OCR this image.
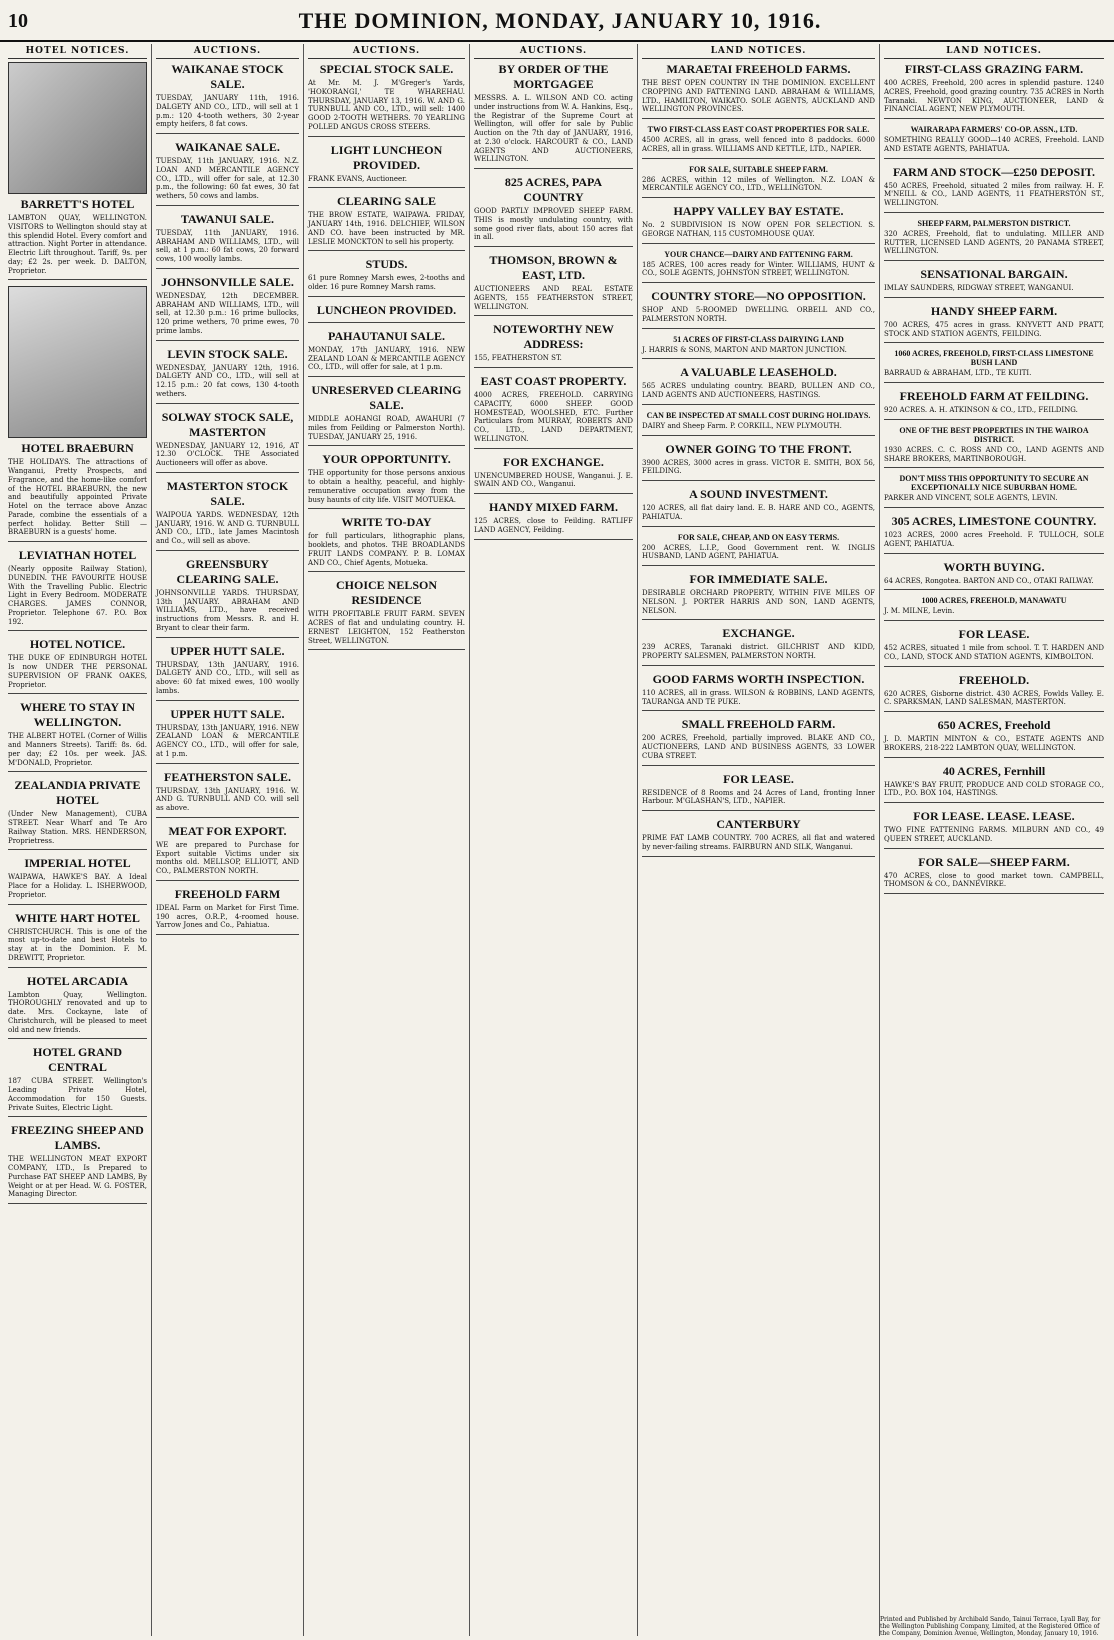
10	THE DOMINION, MONDAY, JANUARY 10, 1916.
HOTEL NOTICES.
BARRETT'S HOTEL

LAMBTON QUAY, WELLINGTON. VISITORS to Wellington should stay at this splendid Hotel. Every comfort and attraction. Night Porter in attendance. Electric Lift throughout. Tariff, 9s. per day; £2 2s. per week. D. DALTON, Proprietor.

HOTEL BRAEBURN

THE HOLIDAYS. The attractions of Wanganui, Pretty Prospects, and Fragrance, and the home-like comfort of the HOTEL BRAEBURN, the new and beautifully appointed Private Hotel on the terrace above Anzac Parade, combine the essentials of a perfect holiday. Better Still — BRAEBURN is a guests' home.

LEVIATHAN HOTEL

(Nearly opposite Railway Station), DUNEDIN. THE FAVOURITE HOUSE With the Travelling Public. Electric Light in Every Bedroom. MODERATE CHARGES. JAMES CONNOR, Proprietor. Telephone 67. P.O. Box 192.

HOTEL NOTICE.

THE DUKE OF EDINBURGH HOTEL Is now UNDER THE PERSONAL SUPERVISION OF FRANK OAKES, Proprietor.

WHERE TO STAY IN WELLINGTON.

THE ALBERT HOTEL (Corner of Willis and Manners Streets). Tariff: 8s. 6d. per day; £2 10s. per week. JAS. M'DONALD, Proprietor.

ZEALANDIA PRIVATE HOTEL

(Under New Management), CUBA STREET. Near Wharf and Te Aro Railway Station. MRS. HENDERSON, Proprietress.

IMPERIAL HOTEL

WAIPAWA, HAWKE'S BAY. A Ideal Place for a Holiday. L. ISHERWOOD, Proprietor.

WHITE HART HOTEL

CHRISTCHURCH. This is one of the most up-to-date and best Hotels to stay at in the Dominion. F. M. DREWITT, Proprietor.

HOTEL ARCADIA

Lambton Quay, Wellington. THOROUGHLY renovated and up to date. Mrs. Cockayne, late of Christchurch, will be pleased to meet old and new friends.

HOTEL GRAND CENTRAL

187 CUBA STREET. Wellington's Leading Private Hotel, Accommodation for 150 Guests. Private Suites, Electric Light.

FREEZING SHEEP AND LAMBS.

THE WELLINGTON MEAT EXPORT COMPANY, LTD., Is Prepared to Purchase FAT SHEEP AND LAMBS, By Weight or at per Head. W. G. FOSTER, Managing Director.

AUCTIONS.
WAIKANAE STOCK SALE.

TUESDAY, JANUARY 11th, 1916. DALGETY AND CO., LTD., will sell at 1 p.m.: 120 4-tooth wethers, 30 2-year empty heifers, 8 fat cows.

WAIKANAE SALE.

TUESDAY, 11th JANUARY, 1916. N.Z. LOAN AND MERCANTILE AGENCY CO., LTD., will offer for sale, at 12.30 p.m., the following: 60 fat ewes, 30 fat wethers, 50 cows and lambs.

TAWANUI SALE.

TUESDAY, 11th JANUARY, 1916. ABRAHAM AND WILLIAMS, LTD., will sell, at 1 p.m.: 60 fat cows, 20 forward cows, 100 woolly lambs.

JOHNSONVILLE SALE.

WEDNESDAY, 12th DECEMBER. ABRAHAM AND WILLIAMS, LTD., will sell, at 12.30 p.m.: 16 prime bullocks, 120 prime wethers, 70 prime ewes, 70 prime lambs.

LEVIN STOCK SALE.

WEDNESDAY, JANUARY 12th, 1916. DALGETY AND CO., LTD., will sell at 12.15 p.m.: 20 fat cows, 130 4-tooth wethers.

SOLWAY STOCK SALE, MASTERTON

WEDNESDAY, JANUARY 12, 1916, AT 12.30 O'CLOCK. THE Associated Auctioneers will offer as above.

MASTERTON STOCK SALE.

WAIPOUA YARDS. WEDNESDAY, 12th JANUARY, 1916. W. AND G. TURNBULL AND CO., LTD., late James Macintosh and Co., will sell as above.

GREENSBURY CLEARING SALE.

JOHNSONVILLE YARDS. THURSDAY, 13th JANUARY. ABRAHAM AND WILLIAMS, LTD., have received instructions from Messrs. R. and H. Bryant to clear their farm.

UPPER HUTT SALE.

THURSDAY, 13th JANUARY, 1916. DALGETY AND CO., LTD., will sell as above: 60 fat mixed ewes, 100 woolly lambs.

UPPER HUTT SALE.

THURSDAY, 13th JANUARY, 1916. NEW ZEALAND LOAN & MERCANTILE AGENCY CO., LTD., will offer for sale, at 1 p.m.

FEATHERSTON SALE.

THURSDAY, 13th JANUARY, 1916. W. AND G. TURNBULL AND CO. will sell as above.

MEAT FOR EXPORT.

WE are prepared to Purchase for Export suitable Victims under six months old. MELLSOP, ELLIOTT, AND CO., PALMERSTON NORTH.

FREEHOLD FARM

IDEAL Farm on Market for First Time. 190 acres, O.R.P., 4-roomed house. Yarrow Jones and Co., Pahiatua.

AUCTIONS.
SPECIAL STOCK SALE.

At Mr. M. J. M'Greger's Yards, 'HOKORANGI,' TE WHAREHAU. THURSDAY, JANUARY 13, 1916. W. AND G. TURNBULL AND CO., LTD., will sell: 1400 GOOD 2-TOOTH WETHERS. 70 YEARLING POLLED ANGUS CROSS STEERS.

LIGHT LUNCHEON PROVIDED.

FRANK EVANS, Auctioneer.

CLEARING SALE

THE BROW ESTATE, WAIPAWA. FRIDAY, JANUARY 14th, 1916. DELCHIEF, WILSON AND CO. have been instructed by MR. LESLIE MONCKTON to sell his property.

STUDS.

61 pure Romney Marsh ewes, 2-tooths and older. 16 pure Romney Marsh rams.

LUNCHEON PROVIDED.

PAHAUTANUI SALE.

MONDAY, 17th JANUARY, 1916. NEW ZEALAND LOAN & MERCANTILE AGENCY CO., LTD., will offer for sale, at 1 p.m.

UNRESERVED CLEARING SALE.

MIDDLE AOHANGI ROAD, AWAHURI (7 miles from Feilding or Palmerston North). TUESDAY, JANUARY 25, 1916.

YOUR OPPORTUNITY.

THE opportunity for those persons anxious to obtain a healthy, peaceful, and highly-remunerative occupation away from the busy haunts of city life. VISIT MOTUEKA.

WRITE TO-DAY

for full particulars, lithographic plans, booklets, and photos. THE BROADLANDS FRUIT LANDS COMPANY. P. B. LOMAX AND CO., Chief Agents, Motueka.

CHOICE NELSON RESIDENCE

WITH PROFITABLE FRUIT FARM. SEVEN ACRES of flat and undulating country. H. ERNEST LEIGHTON, 152 Featherston Street, WELLINGTON.

AUCTIONS.
BY ORDER OF THE MORTGAGEE

MESSRS. A. L. WILSON AND CO. acting under instructions from W. A. Hankins, Esq., the Registrar of the Supreme Court at Wellington, will offer for sale by Public Auction on the 7th day of JANUARY, 1916, at 2.30 o'clock. HARCOURT & CO., LAND AGENTS AND AUCTIONEERS, WELLINGTON.

825 ACRES, PAPA COUNTRY

GOOD PARTLY IMPROVED SHEEP FARM. THIS is mostly undulating country, with some good river flats, about 150 acres flat in all.

THOMSON, BROWN & EAST, LTD.

AUCTIONEERS AND REAL ESTATE AGENTS, 155 FEATHERSTON STREET, WELLINGTON.

NOTEWORTHY NEW ADDRESS:

155, FEATHERSTON ST.

EAST COAST PROPERTY.

4000 ACRES, FREEHOLD. CARRYING CAPACITY, 6000 SHEEP. GOOD HOMESTEAD, WOOLSHED, ETC. Further Particulars from MURRAY, ROBERTS AND CO., LTD., LAND DEPARTMENT, WELLINGTON.

FOR EXCHANGE.

UNENCUMBERED HOUSE, Wanganui. J. E. SWAIN AND CO., Wanganui.

HANDY MIXED FARM.

125 ACRES, close to Feilding. RATLIFF LAND AGENCY, Feilding.

LAND NOTICES.
MARAETAI FREEHOLD FARMS.

THE BEST OPEN COUNTRY IN THE DOMINION. EXCELLENT CROPPING AND FATTENING LAND. ABRAHAM & WILLIAMS, LTD., HAMILTON, WAIKATO. SOLE AGENTS, AUCKLAND AND WELLINGTON PROVINCES.

TWO FIRST-CLASS EAST COAST PROPERTIES FOR SALE.

4500 ACRES, all in grass, well fenced into 8 paddocks. 6000 ACRES, all in grass. WILLIAMS AND KETTLE, LTD., NAPIER.

FOR SALE, SUITABLE SHEEP FARM.

286 ACRES, within 12 miles of Wellington. N.Z. LOAN & MERCANTILE AGENCY CO., LTD., WELLINGTON.

HAPPY VALLEY BAY ESTATE.

No. 2 SUBDIVISION IS NOW OPEN FOR SELECTION. S. GEORGE NATHAN, 115 CUSTOMHOUSE QUAY.

YOUR CHANCE—DAIRY AND FATTENING FARM.

185 ACRES, 100 acres ready for Winter. WILLIAMS, HUNT & CO., SOLE AGENTS, JOHNSTON STREET, WELLINGTON.

COUNTRY STORE—NO OPPOSITION.

SHOP AND 5-ROOMED DWELLING. ORBELL AND CO., PALMERSTON NORTH.

51 ACRES OF FIRST-CLASS DAIRYING LAND

J. HARRIS & SONS, MARTON AND MARTON JUNCTION.

A VALUABLE LEASEHOLD.

565 ACRES undulating country. BEARD, BULLEN AND CO., LAND AGENTS AND AUCTIONEERS, HASTINGS.

CAN BE INSPECTED AT SMALL COST DURING HOLIDAYS.

DAIRY and Sheep Farm. P. CORKILL, NEW PLYMOUTH.

OWNER GOING TO THE FRONT.

3900 ACRES, 3000 acres in grass. VICTOR E. SMITH, BOX 56, FEILDING.

A SOUND INVESTMENT.

120 ACRES, all flat dairy land. E. B. HARE AND CO., AGENTS, PAHIATUA.

FOR SALE, CHEAP, AND ON EASY TERMS.

200 ACRES, L.I.P., Good Government rent. W. INGLIS HUSBAND, LAND AGENT, PAHIATUA.

FOR IMMEDIATE SALE.

DESIRABLE ORCHARD PROPERTY, WITHIN FIVE MILES OF NELSON. J. PORTER HARRIS AND SON, LAND AGENTS, NELSON.

EXCHANGE.

239 ACRES, Taranaki district. GILCHRIST AND KIDD, PROPERTY SALESMEN, PALMERSTON NORTH.

GOOD FARMS WORTH INSPECTION.

110 ACRES, all in grass. WILSON & ROBBINS, LAND AGENTS, TAURANGA AND TE PUKE.

SMALL FREEHOLD FARM.

200 ACRES, Freehold, partially improved. BLAKE AND CO., AUCTIONEERS, LAND AND BUSINESS AGENTS, 33 LOWER CUBA STREET.

FOR LEASE.

RESIDENCE of 8 Rooms and 24 Acres of Land, fronting Inner Harbour. M'GLASHAN'S, LTD., NAPIER.

CANTERBURY

PRIME FAT LAMB COUNTRY. 700 ACRES, all flat and watered by never-failing streams. FAIRBURN AND SILK, Wanganui.

LAND NOTICES.
FIRST-CLASS GRAZING FARM.

400 ACRES, Freehold, 200 acres in splendid pasture. 1240 ACRES, Freehold, good grazing country. 735 ACRES in North Taranaki. NEWTON KING, AUCTIONEER, LAND & FINANCIAL AGENT, NEW PLYMOUTH.

WAIRARAPA FARMERS' CO-OP. ASSN., LTD.

SOMETHING REALLY GOOD—140 ACRES, Freehold. LAND AND ESTATE AGENTS, PAHIATUA.

FARM AND STOCK—£250 DEPOSIT.

450 ACRES, Freehold, situated 2 miles from railway. H. F. M'NEILL & CO., LAND AGENTS, 11 FEATHERSTON ST., WELLINGTON.

SHEEP FARM, PALMERSTON DISTRICT.

320 ACRES, Freehold, flat to undulating. MILLER AND RUTTER, LICENSED LAND AGENTS, 20 PANAMA STREET, WELLINGTON.

SENSATIONAL BARGAIN.

IMLAY SAUNDERS, RIDGWAY STREET, WANGANUI.

HANDY SHEEP FARM.

700 ACRES, 475 acres in grass. KNYVETT AND PRATT, STOCK AND STATION AGENTS, FEILDING.

1060 ACRES, FREEHOLD, FIRST-CLASS LIMESTONE BUSH LAND

BARRAUD & ABRAHAM, LTD., TE KUITI.

FREEHOLD FARM AT FEILDING.

920 ACRES. A. H. ATKINSON & CO., LTD., FEILDING.

ONE OF THE BEST PROPERTIES IN THE WAIROA DISTRICT.

1930 ACRES. C. C. ROSS AND CO., LAND AGENTS AND SHARE BROKERS, MARTINBOROUGH.

DON'T MISS THIS OPPORTUNITY TO SECURE AN EXCEPTIONALLY NICE SUBURBAN HOME.

PARKER AND VINCENT, SOLE AGENTS, LEVIN.

305 ACRES, LIMESTONE COUNTRY.

1023 ACRES, 2000 acres Freehold. F. TULLOCH, SOLE AGENT, PAHIATUA.

WORTH BUYING.

64 ACRES, Rongotea. BARTON AND CO., OTAKI RAILWAY.

1000 ACRES, FREEHOLD, MANAWATU

J. M. MILNE, Levin.

FOR LEASE.

452 ACRES, situated 1 mile from school. T. T. HARDEN AND CO., LAND, STOCK AND STATION AGENTS, KIMBOLTON.

FREEHOLD.

620 ACRES, Gisborne district. 430 ACRES, Fowlds Valley. E. C. SPARKSMAN, LAND SALESMAN, MASTERTON.

650 ACRES, Freehold

J. D. MARTIN MINTON & CO., ESTATE AGENTS AND BROKERS, 218-222 LAMBTON QUAY, WELLINGTON.

40 ACRES, Fernhill

HAWKE'S BAY FRUIT, PRODUCE AND COLD STORAGE CO., LTD., P.O. BOX 104, HASTINGS.

FOR LEASE. LEASE. LEASE.

TWO FINE FATTENING FARMS. MILBURN AND CO., 49 QUEEN STREET, AUCKLAND.

FOR SALE—SHEEP FARM.

470 ACRES, close to good market town. CAMPBELL, THOMSON & CO., DANNEVIRKE.

Printed and Published by Archibald Sando, Tainui Terrace, Lyall Bay, for the Wellington Publishing Company, Limited, at the Registered Office of the Company, Dominion Avenue, Wellington, Monday, January 10, 1916.
